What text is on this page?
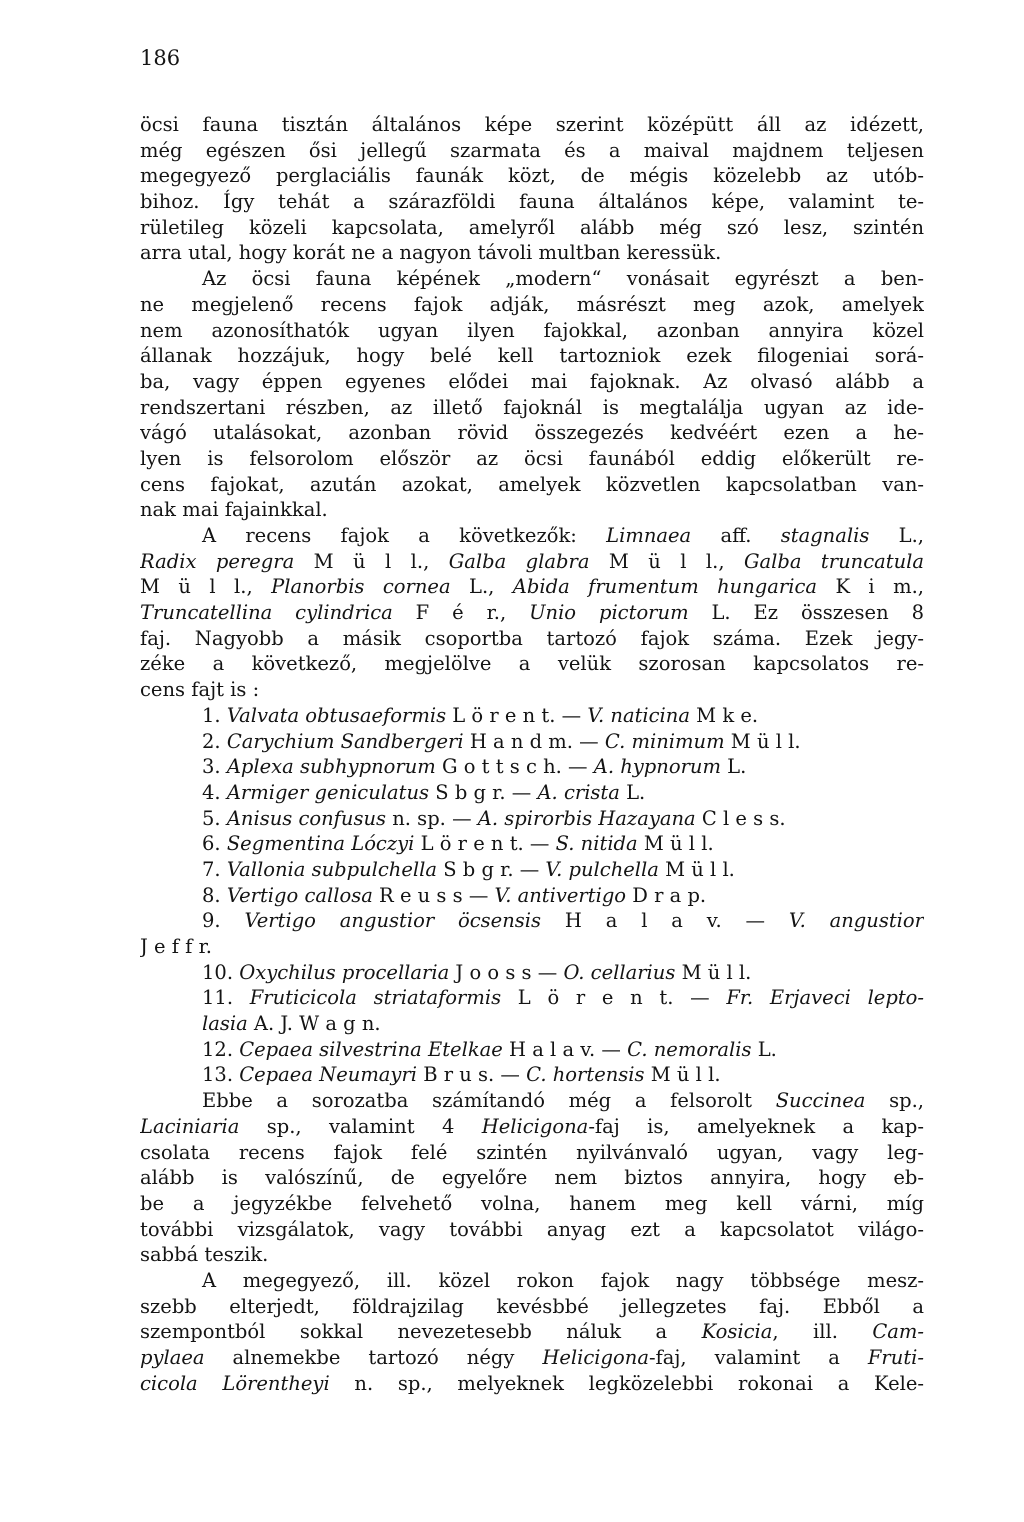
186
öcsi fauna tisztán általános képe szerint középütt áll az idézett,
még egészen ősi jellegű szarmata és a maival majdnem teljesen
megegyező perglaciális faunák közt, de mégis közelebb az utób-
bihoz. Így tehát a szárazföldi fauna általános képe, valamint te-
rületileg közeli kapcsolata, amelyről alább még szó lesz, szintén
arra utal, hogy korát ne a nagyon távoli multban keressük.
Az öcsi fauna képének „modern“ vonásait egyrészt a ben-
ne megjelenő recens fajok adják, másrészt meg azok, amelyek
nem azonosíthatók ugyan ilyen fajokkal, azonban annyira közel
állanak hozzájuk, hogy belé kell tartozniok ezek filogeniai sorá-
ba, vagy éppen egyenes elődei mai fajoknak. Az olvasó alább a
rendszertani részben, az illető fajoknál is megtalálja ugyan az ide-
vágó utalásokat, azonban rövid összegezés kedvéért ezen a he-
lyen is felsorolom először az öcsi faunából eddig előkerült re-
cens fajokat, azután azokat, amelyek közvetlen kapcsolatban van-
nak mai fajainkkal.
A recens fajok a következők: Limnaea aff. stagnalis L.,
Radix peregra M ü l l., Galba glabra M ü l l., Galba truncatula
M ü l l., Planorbis cornea L., Abida frumentum hungarica K i m.,
Truncatellina cylindrica F é r., Unio pictorum L. Ez összesen 8
faj. Nagyobb a másik csoportba tartozó fajok száma. Ezek jegy-
zéke a következő, megjelölve a velük szorosan kapcsolatos re-
cens fajt is :
1. Valvata obtusaeformis L ö r e n t. — V. naticina M k e.
2. Carychium Sandbergeri H a n d m. — C. minimum M ü l l.
3. Aplexa subhypnorum G o t t s c h. — A. hypnorum L.
4. Armiger geniculatus S b g r. — A. crista L.
5. Anisus confusus n. sp. — A. spirorbis Hazayana C l e s s.
6. Segmentina Lóczyi L ö r e n t. — S. nitida M ü l l.
7. Vallonia subpulchella S b g r. — V. pulchella M ü l l.
8. Vertigo callosa R e u s s — V. antivertigo D r a p.
9. Vertigo angustior öcsensis H a l a v. — V. angustior
J e f f r.
10. Oxychilus procellaria J o o s s — O. cellarius M ü l l.
11. Fruticicola striataformis L ö r e n t. — Fr. Erjaveci lepto-
lasia A. J. W a g n.
12. Cepaea silvestrina Etelkae H a l a v. — C. nemoralis L.
13. Cepaea Neumayri B r u s. — C. hortensis M ü l l.
Ebbe a sorozatba számítandó még a felsorolt Succinea sp.,
Laciniaria sp., valamint 4 Helicigona-faj is, amelyeknek a kap-
csolata recens fajok felé szintén nyilvánvaló ugyan, vagy leg-
alább is valószínű, de egyelőre nem biztos annyira, hogy eb-
be a jegyzékbe felvehető volna, hanem meg kell várni, míg
további vizsgálatok, vagy további anyag ezt a kapcsolatot világo-
sabbá teszik.
A megegyező, ill. közel rokon fajok nagy többsége mesz-
szebb elterjedt, földrajzilag kevésbbé jellegzetes faj. Ebből a
szempontból sokkal nevezetesebb náluk a Kosicia, ill. Cam-
pylaea alnemekbe tartozó négy Helicigona-faj, valamint a Fruti-
cicola Lörentheyi n. sp., melyeknek legközelebbi rokonai a Kele-
